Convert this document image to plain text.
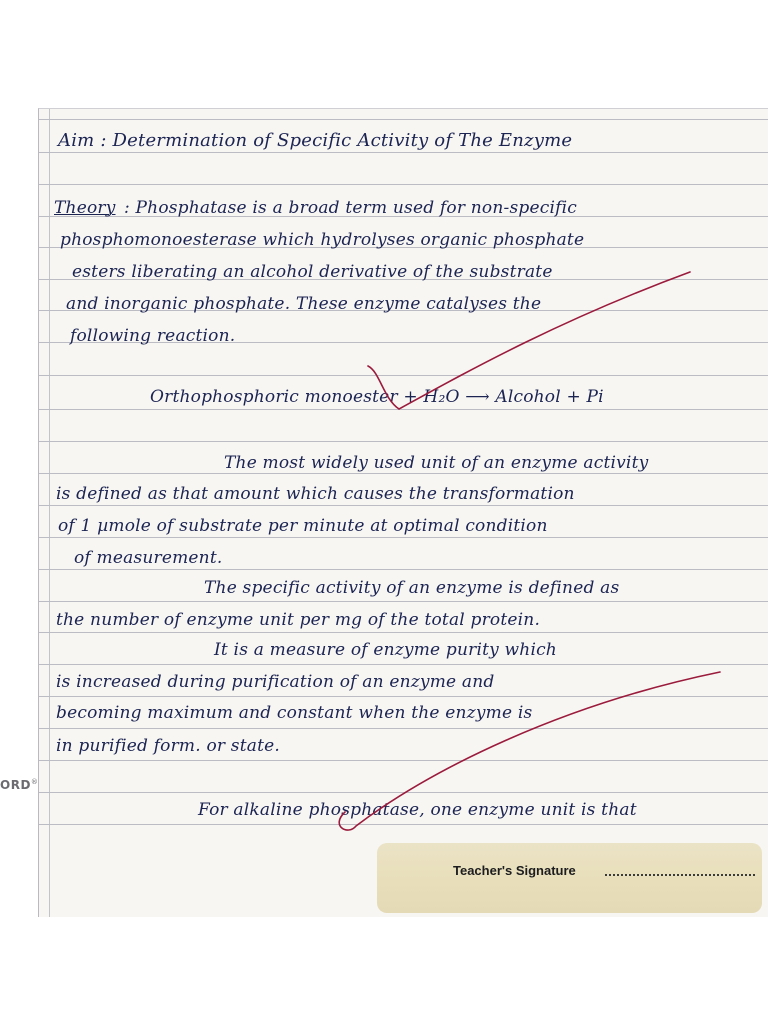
Aim : Determination of Specific Activity of The Enzyme
Theory : Phosphatase is a broad term used for non-specific
phosphomonoesterase which hydrolyses organic phosphate
esters liberating an alcohol derivative of the substrate
and inorganic phosphate. These enzyme catalyses the
following reaction.
Orthophosphoric monoester + H₂O ⟶ Alcohol + Pi
The most widely used unit of an enzyme activity
is defined as that amount which causes the transformation
of 1 µmole of substrate per minute at optimal condition
of measurement.
The specific activity of an enzyme is defined as
the number of enzyme unit per mg of the total protein.
It is a measure of enzyme purity which
is increased during purification of an enzyme and
becoming maximum and constant when the enzyme is
in purified form. or state.
For alkaline phosphatase, one enzyme unit is that
ORD®
Teacher's Signature
